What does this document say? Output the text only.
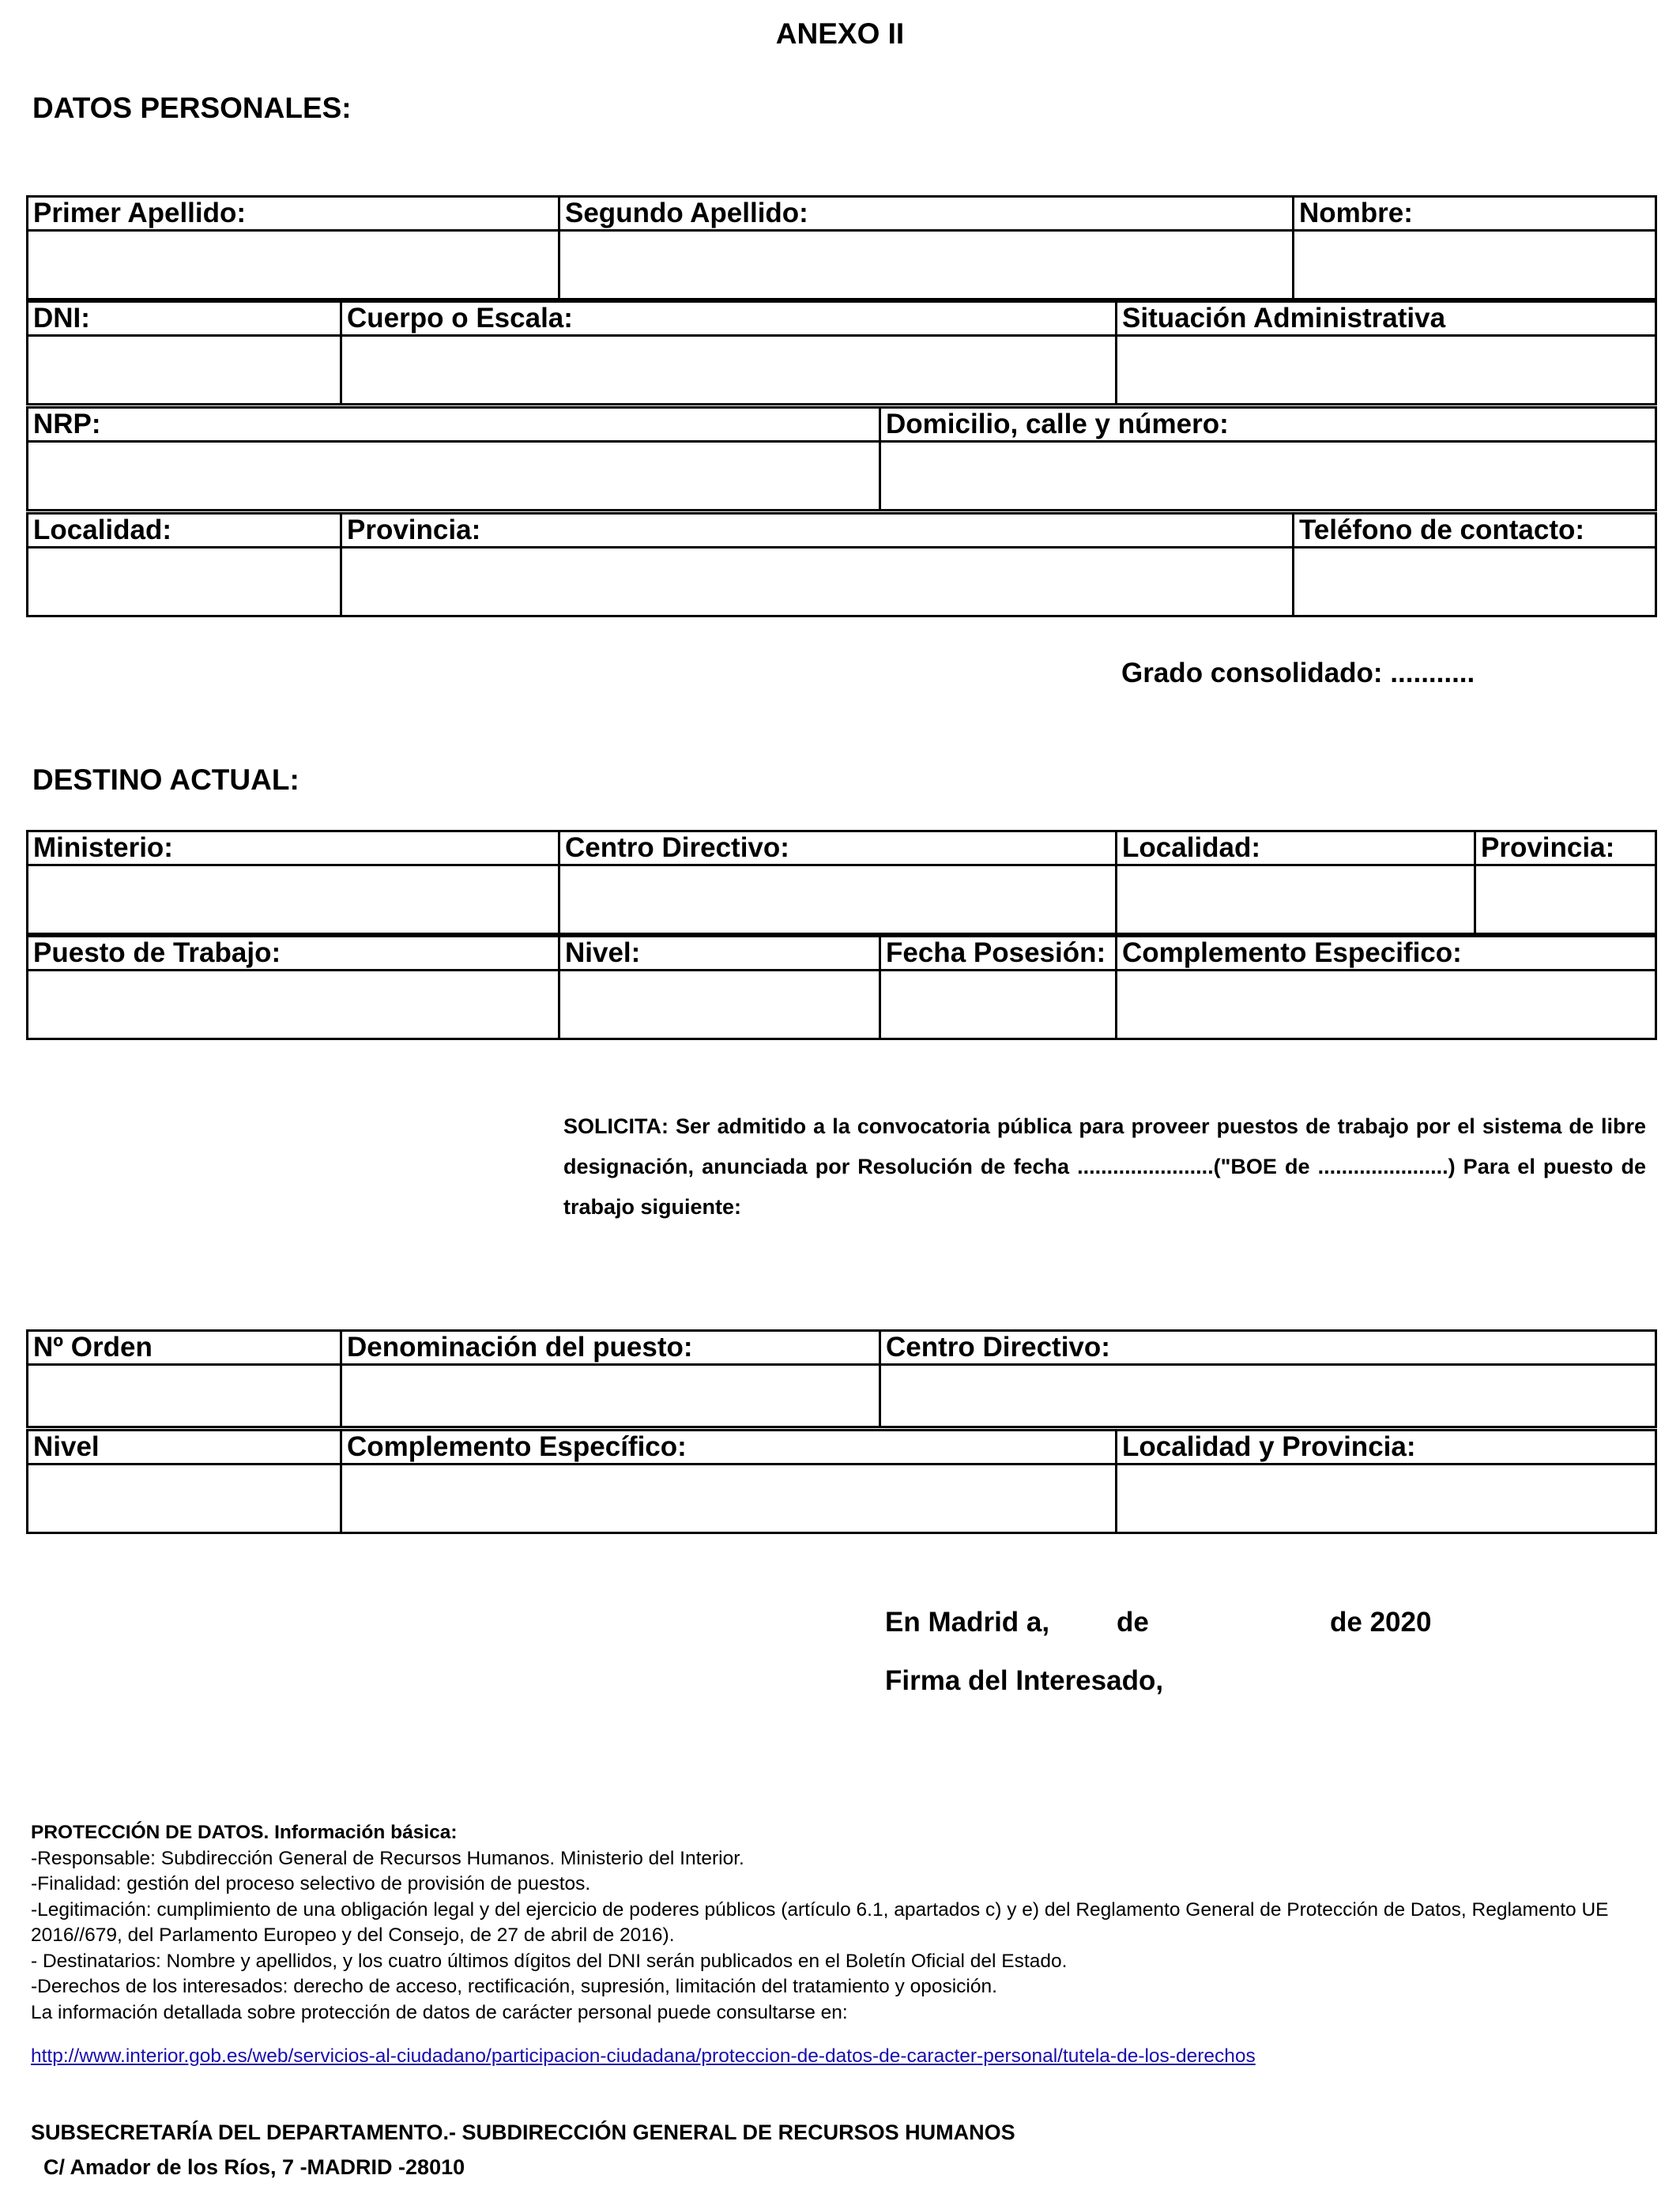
ANEXO II
DATOS PERSONALES:
Primer Apellido:	Segundo Apellido:	Nombre:

DNI:	Cuerpo o Escala:	Situación Administrativa

NRP:	Domicilio, calle y número:

Localidad:	Provincia:	Teléfono de contacto:

Grado consolidado: ...........
DESTINO ACTUAL:
Ministerio:	Centro Directivo:	Localidad:	Provincia:

Puesto de Trabajo:	Nivel:	Fecha Posesión:	Complemento Especifico:

SOLICITA: Ser admitido a la convocatoria pública para proveer puestos de trabajo por el sistema de libre designación, anunciada por Resolución de fecha .......................("BOE de ......................) Para el puesto de trabajo siguiente:
Nº Orden	Denominación del puesto:	Centro Directivo:

Nivel	Complemento Específico:	Localidad y Provincia:

En Madrid a, de	de 2020
Firma del Interesado,
PROTECCIÓN DE DATOS. Información básica:
-Responsable: Subdirección General de Recursos Humanos. Ministerio del Interior.
-Finalidad: gestión del proceso selectivo de provisión de puestos.
-Legitimación: cumplimiento de una obligación legal y del ejercicio de poderes públicos (artículo 6.1, apartados c) y e) del Reglamento General de Protección de Datos, Reglamento UE
2016//679, del Parlamento Europeo y del Consejo, de 27 de abril de 2016).
- Destinatarios: Nombre y apellidos, y los cuatro últimos dígitos del DNI serán publicados en el Boletín Oficial del Estado.
-Derechos de los interesados: derecho de acceso, rectificación, supresión, limitación del tratamiento y oposición.
La información detallada sobre protección de datos de carácter personal puede consultarse en:
http://www.interior.gob.es/web/servicios-al-ciudadano/participacion-ciudadana/proteccion-de-datos-de-caracter-personal/tutela-de-los-derechos
SUBSECRETARÍA DEL DEPARTAMENTO.- SUBDIRECCIÓN GENERAL DE RECURSOS HUMANOS
C/ Amador de los Ríos, 7 -MADRID -28010
